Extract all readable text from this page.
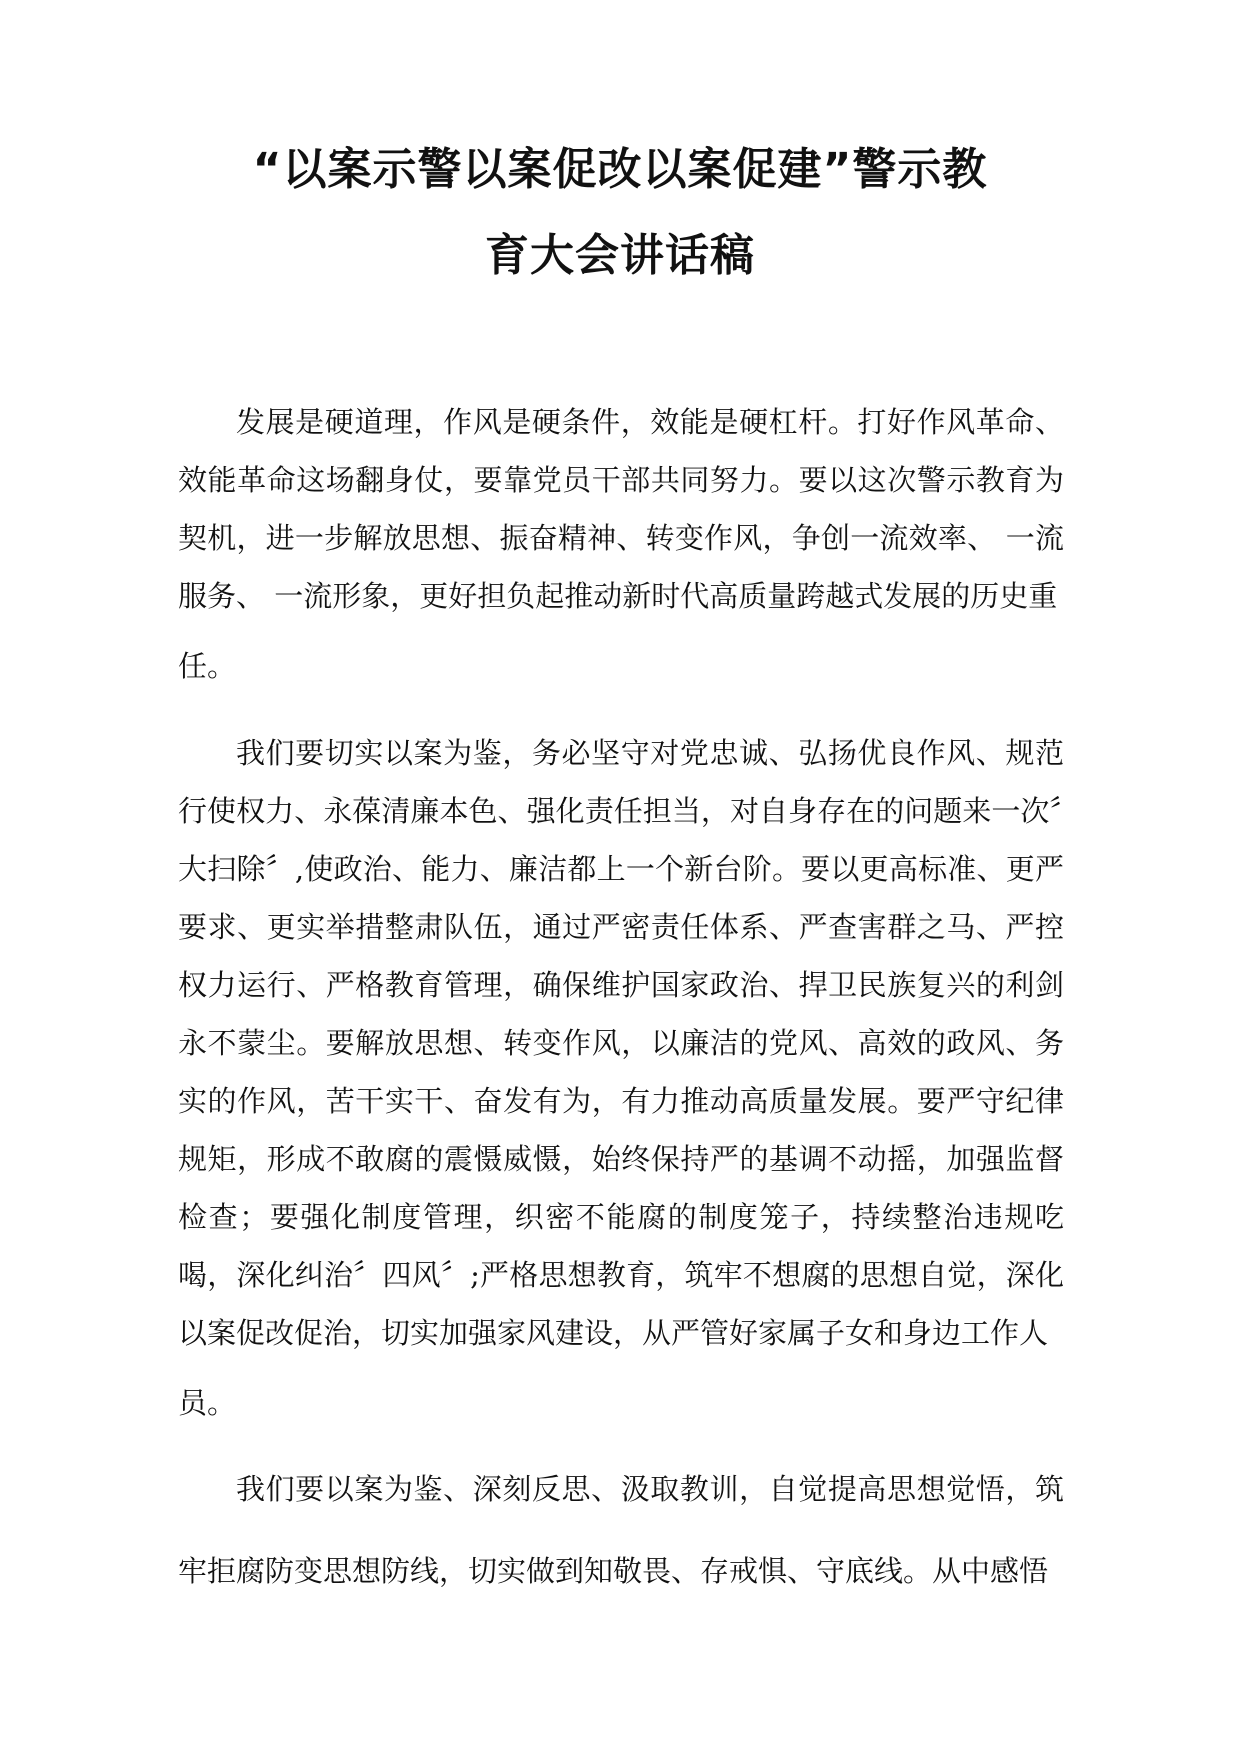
“以案示警以案促改以案促建”警示教
育大会讲话稿

发展是硬道理，作风是硬条件，效能是硬杠杆。打好作风革命、效能革命这场翻身仗，要靠党员干部共同努力。要以这次警示教育为契机，进一步解放思想、振奋精神、转变作风，争创一流效率、 一流服务、 一流形象，更好担负起推动新时代高质量跨越式发展的历史重
任。

我们要切实以案为鉴，务必坚守对党忠诚、弘扬优良作风、规范行使权力、永葆清廉本色、强化责任担当，对自身存在的问题来一次〞大扫除〞,使政治、能力、廉洁都上一个新台阶。要以更高标准、更严要求、更实举措整肃队伍，通过严密责任体系、严查害群之马、严控权力运行、严格教育管理，确保维护国家政治、捍卫民族复兴的利剑永不蒙尘。要解放思想、转变作风，以廉洁的党风、高效的政风、务实的作风，苦干实干、奋发有为，有力推动高质量发展。要严守纪律规矩，形成不敢腐的震慑威慑，始终保持严的基调不动摇，加强监督检查；要强化制度管理，织密不能腐的制度笼子，持续整治违规吃喝，深化纠治〞四风〞;严格思想教育，筑牢不想腐的思想自觉，深化以案促改促治，切实加强家风建设，从严管好家属子女和身边工作人
员。

我们要以案为鉴、深刻反思、汲取教训，自觉提高思想觉悟，筑牢拒腐防变思想防线，切实做到知敬畏、存戒惧、守底线。从中感悟
